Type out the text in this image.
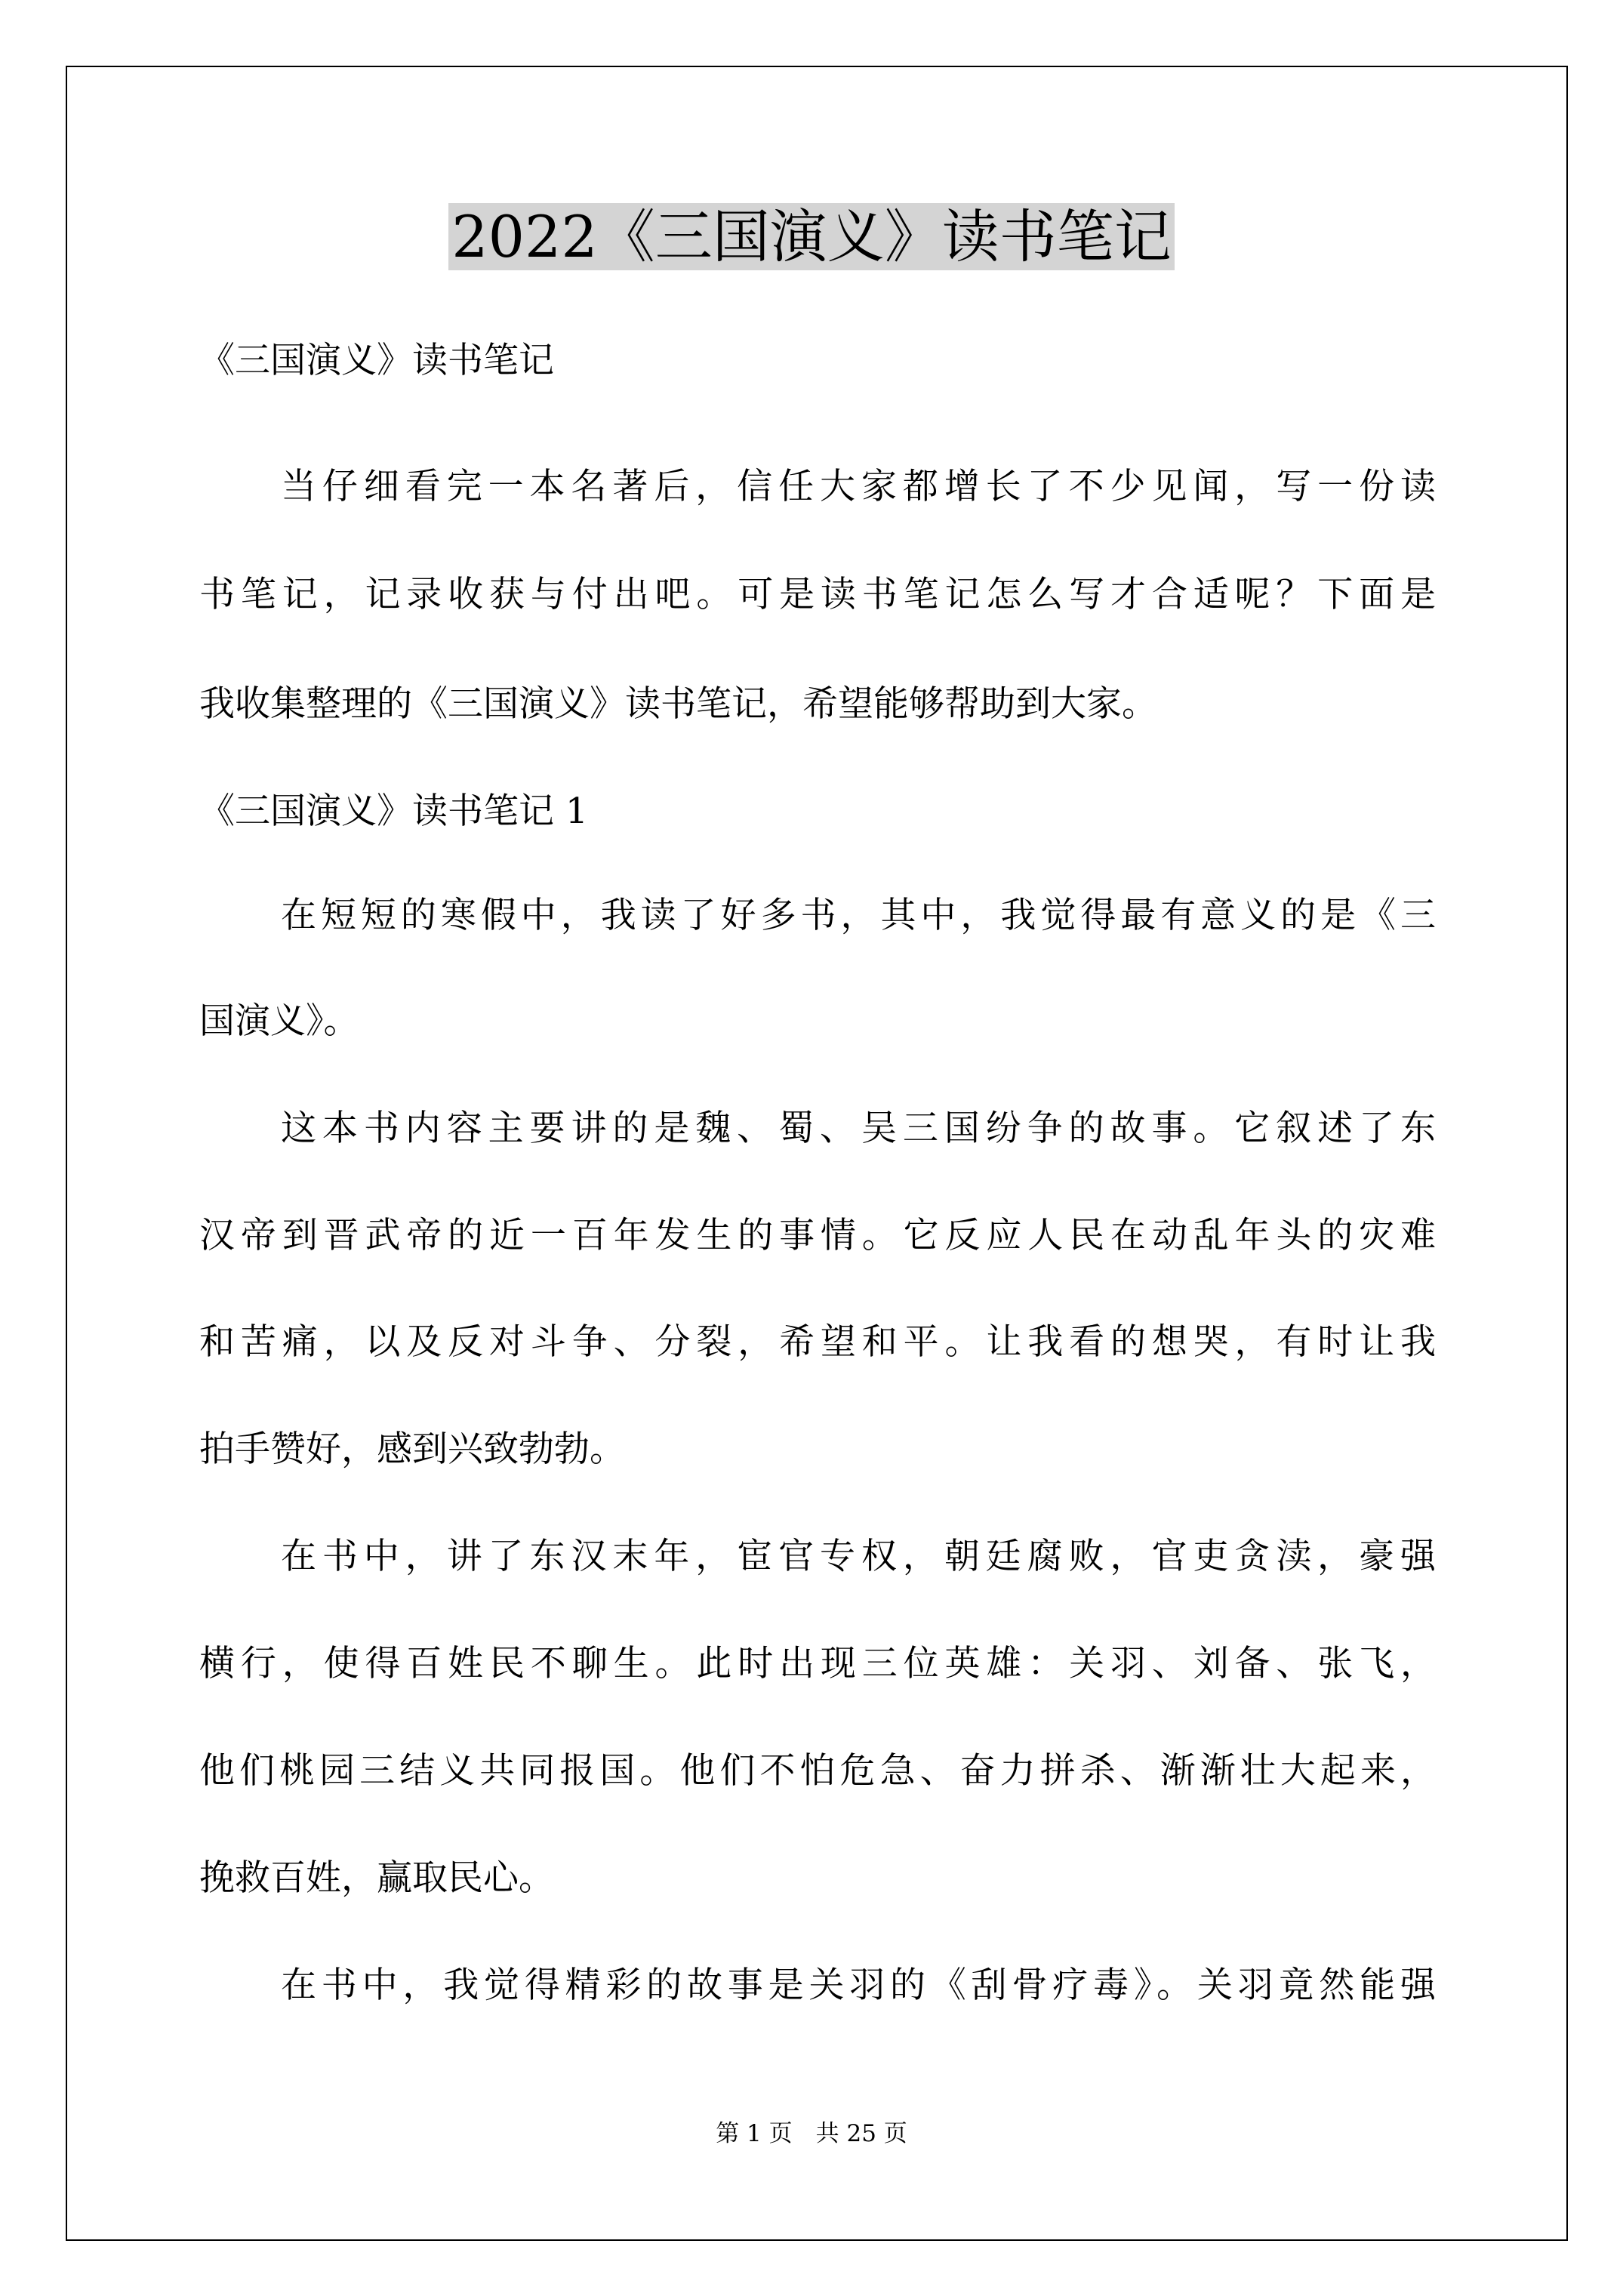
2022《三国演义》读书笔记
《三国演义》读书笔记
当仔细看完一本名著后，信任大家都增长了不少见闻，写一份读
书笔记，记录收获与付出吧。可是读书笔记怎么写才合适呢？下面是
我收集整理的《三国演义》读书笔记，希望能够帮助到大家。
《三国演义》读书笔记 1
在短短的寒假中，我读了好多书，其中，我觉得最有意义的是《三
国演义》。
这本书内容主要讲的是魏、蜀、吴三国纷争的故事。它叙述了东
汉帝到晋武帝的近一百年发生的事情。它反应人民在动乱年头的灾难
和苦痛，以及反对斗争、分裂，希望和平。让我看的想哭，有时让我
拍手赞好，感到兴致勃勃。
在书中，讲了东汉末年，宦官专权，朝廷腐败，官吏贪渎，豪强
横行，使得百姓民不聊生。此时出现三位英雄：关羽、刘备、张飞，
他们桃园三结义共同报国。他们不怕危急、奋力拼杀、渐渐壮大起来，
挽救百姓，赢取民心。
在书中，我觉得精彩的故事是关羽的《刮骨疗毒》。关羽竟然能强
第 1 页　共 25 页
